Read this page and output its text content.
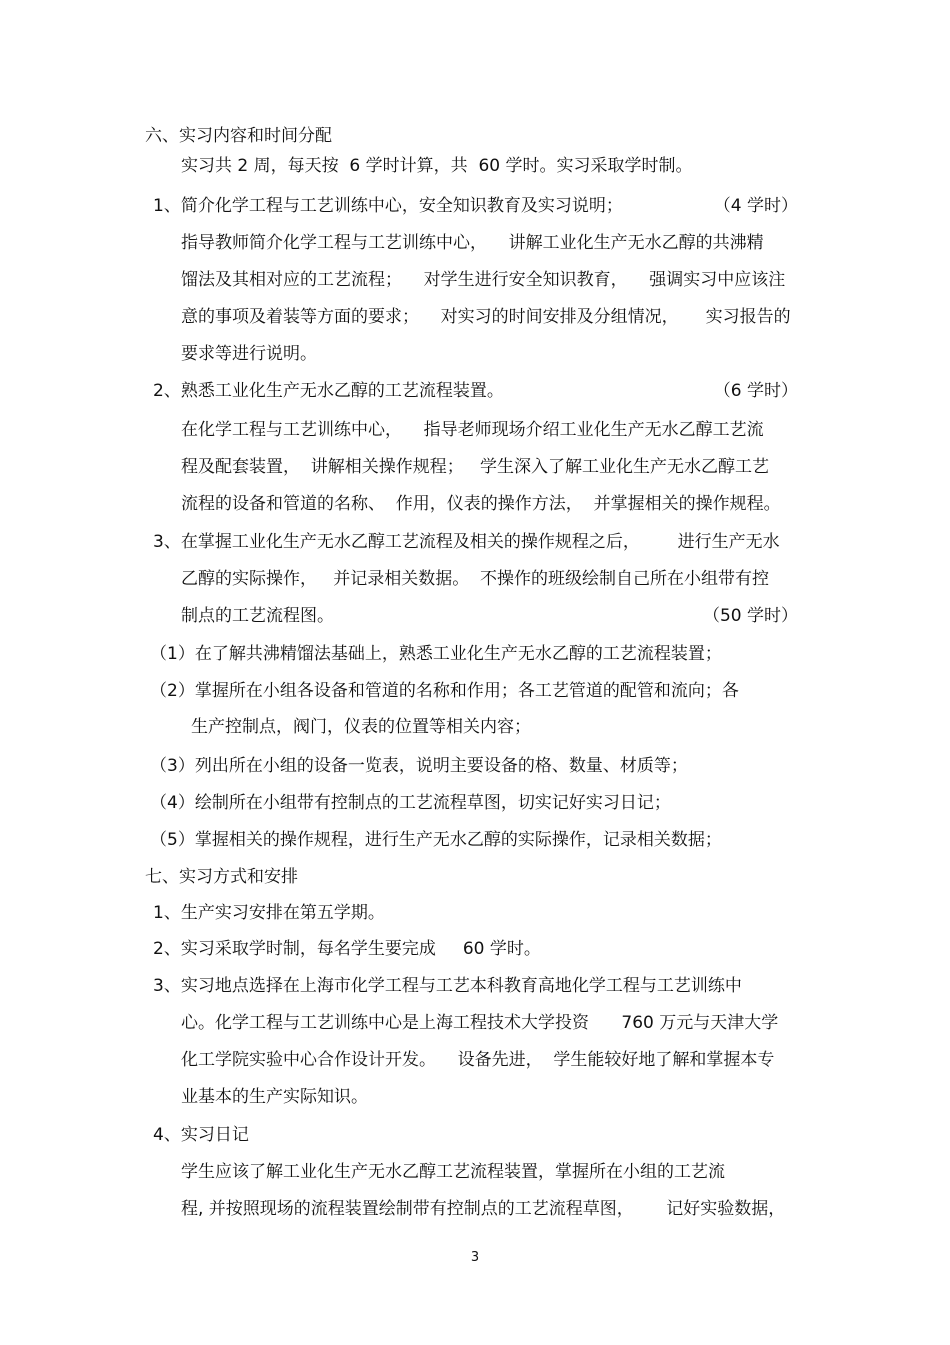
六、实习内容和时间分配
实习共 2 周，每天按  6 学时计算，共  60 学时。实习采取学时制。
1、简介化学工程与工艺训练中心，安全知识教育及实习说明；	（4 学时）
指导教师简介化学工程与工艺训练中心，    讲解工业化生产无水乙醇的共沸精
馏法及其相对应的工艺流程；    对学生进行安全知识教育，    强调实习中应该注
意的事项及着装等方面的要求；    对实习的时间安排及分组情况，     实习报告的
要求等进行说明。
2、熟悉工业化生产无水乙醇的工艺流程装置。	（6 学时）
在化学工程与工艺训练中心，    指导老师现场介绍工业化生产无水乙醇工艺流
程及配套装置，  讲解相关操作规程；   学生深入了解工业化生产无水乙醇工艺
流程的设备和管道的名称、  作用，仪表的操作方法，  并掌握相关的操作规程。
3、在掌握工业化生产无水乙醇工艺流程及相关的操作规程之后，       进行生产无水
乙醇的实际操作，   并记录相关数据。  不操作的班级绘制自己所在小组带有控
制点的工艺流程图。	（50 学时）
（1）在了解共沸精馏法基础上，熟悉工业化生产无水乙醇的工艺流程装置；
（2）掌握所在小组各设备和管道的名称和作用；各工艺管道的配管和流向；各
生产控制点，阀门，仪表的位置等相关内容；
（3）列出所在小组的设备一览表，说明主要设备的格、数量、材质等；
（4）绘制所在小组带有控制点的工艺流程草图，切实记好实习日记；
（5）掌握相关的操作规程，进行生产无水乙醇的实际操作，记录相关数据；
七、实习方式和安排
1、生产实习安排在第五学期。
2、实习采取学时制，每名学生要完成     60 学时。
3、实习地点选择在上海市化学工程与工艺本科教育高地化学工程与工艺训练中
心。化学工程与工艺训练中心是上海工程技术大学投资      760 万元与天津大学
化工学院实验中心合作设计开发。    设备先进，  学生能较好地了解和掌握本专
业基本的生产实际知识。
4、实习日记
学生应该了解工业化生产无水乙醇工艺流程装置，掌握所在小组的工艺流
程, 并按照现场的流程装置绘制带有控制点的工艺流程草图，      记好实验数据，
3
